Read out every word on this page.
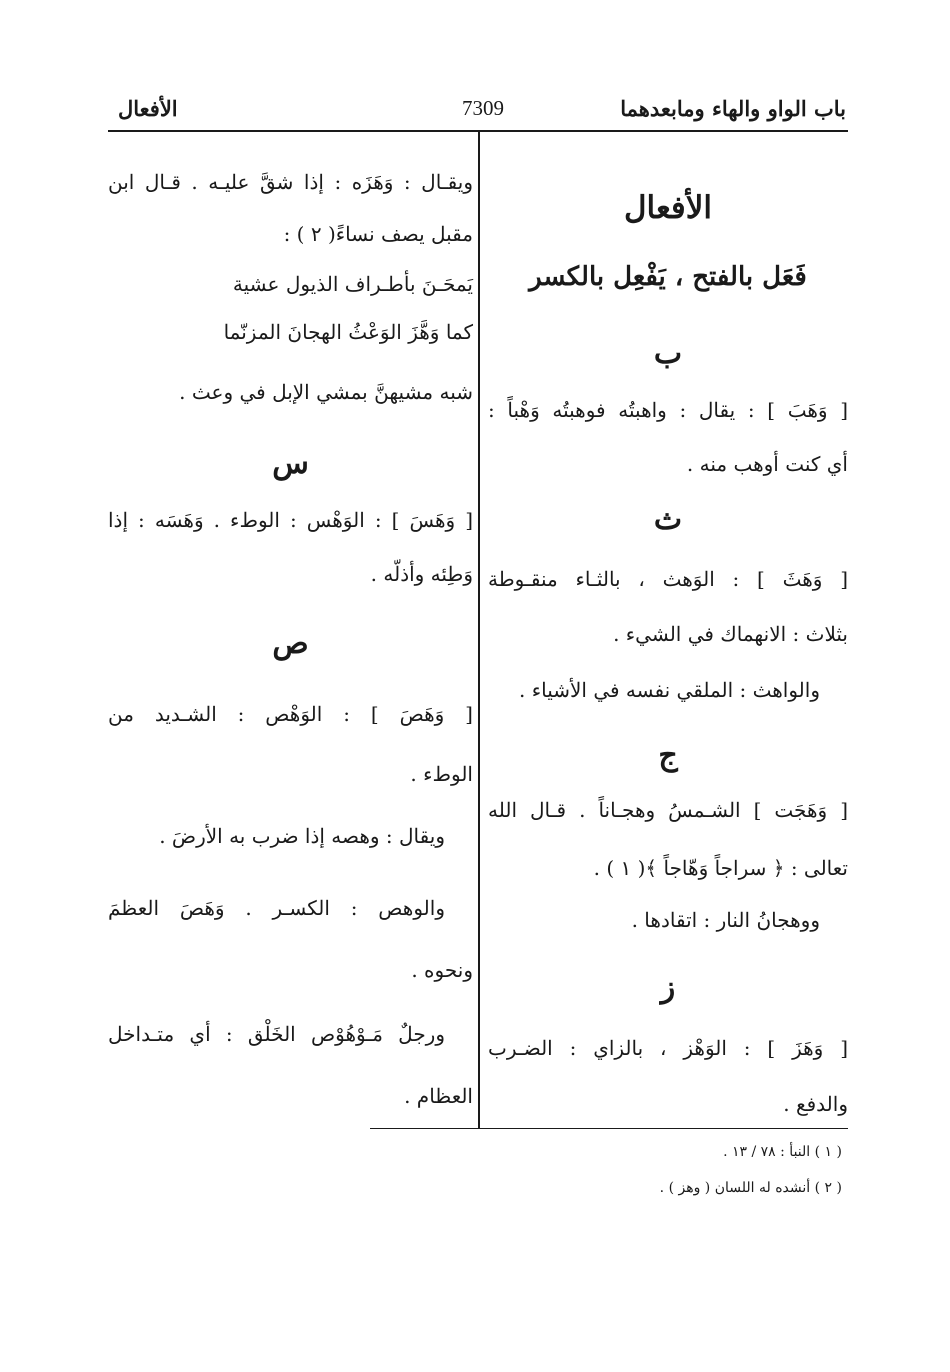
باب الواو والهاء ومابعدهما
7309
الأفعال
الأفعال
فَعَل بالفتح ، يَفْعِل بالكسر
ب
[ وَهَبَ ] : يقال : واهبتُه فوهبتُه وَهْباً :
أي كنت أوهب منه .
ث
[ وَهَثَ ] : الوَهث ، بالثـاء منقـوطة
بثلاث : الانهماك في الشيء .
والواهث : الملقي نفسه في الأشياء .
ج
[ وَهَجَت ] الشـمسُ وهجـاناً . قـال الله
تعالى : ﴿ سراجاً وَهّاجاً ﴾( ١ ) .
ووهجانُ النار : اتقادها .
ز
[ وَهَزَ ] : الوَهْز ، بالزاي : الضـرب
والدفع .
ويقـال : وَهَزَه : إذا شقَّ عليـه . قـال ابن
مقبل يصف نساءً( ٢ ) :
يَمحَـنَ بأطـراف الذيول عشية
كما وَهَّزَ الوَعْثُ الهجانَ المزنّما
شبه مشيهنَّ بمشي الإبل في وعث .
س
[ وَهَسَ ] : الوَهْس : الوطء . وَهَسَه : إذا
وَطِئه وأذلّه .
ص
[ وَهَصَ ] : الوَهْص : الشـديد من
الوطء .
ويقال : وهصه إذا ضرب به الأرضَ .
والوهص : الكسـر . وَهَصَ العظمَ
ونحوه .
ورجلٌ مَـوْهُوْص الخَلْق : أي متـداخل
العظام .
( ١ ) النبأ : ٧٨ / ١٣ .
( ٢ ) أنشده له اللسان ( وهز ) .
